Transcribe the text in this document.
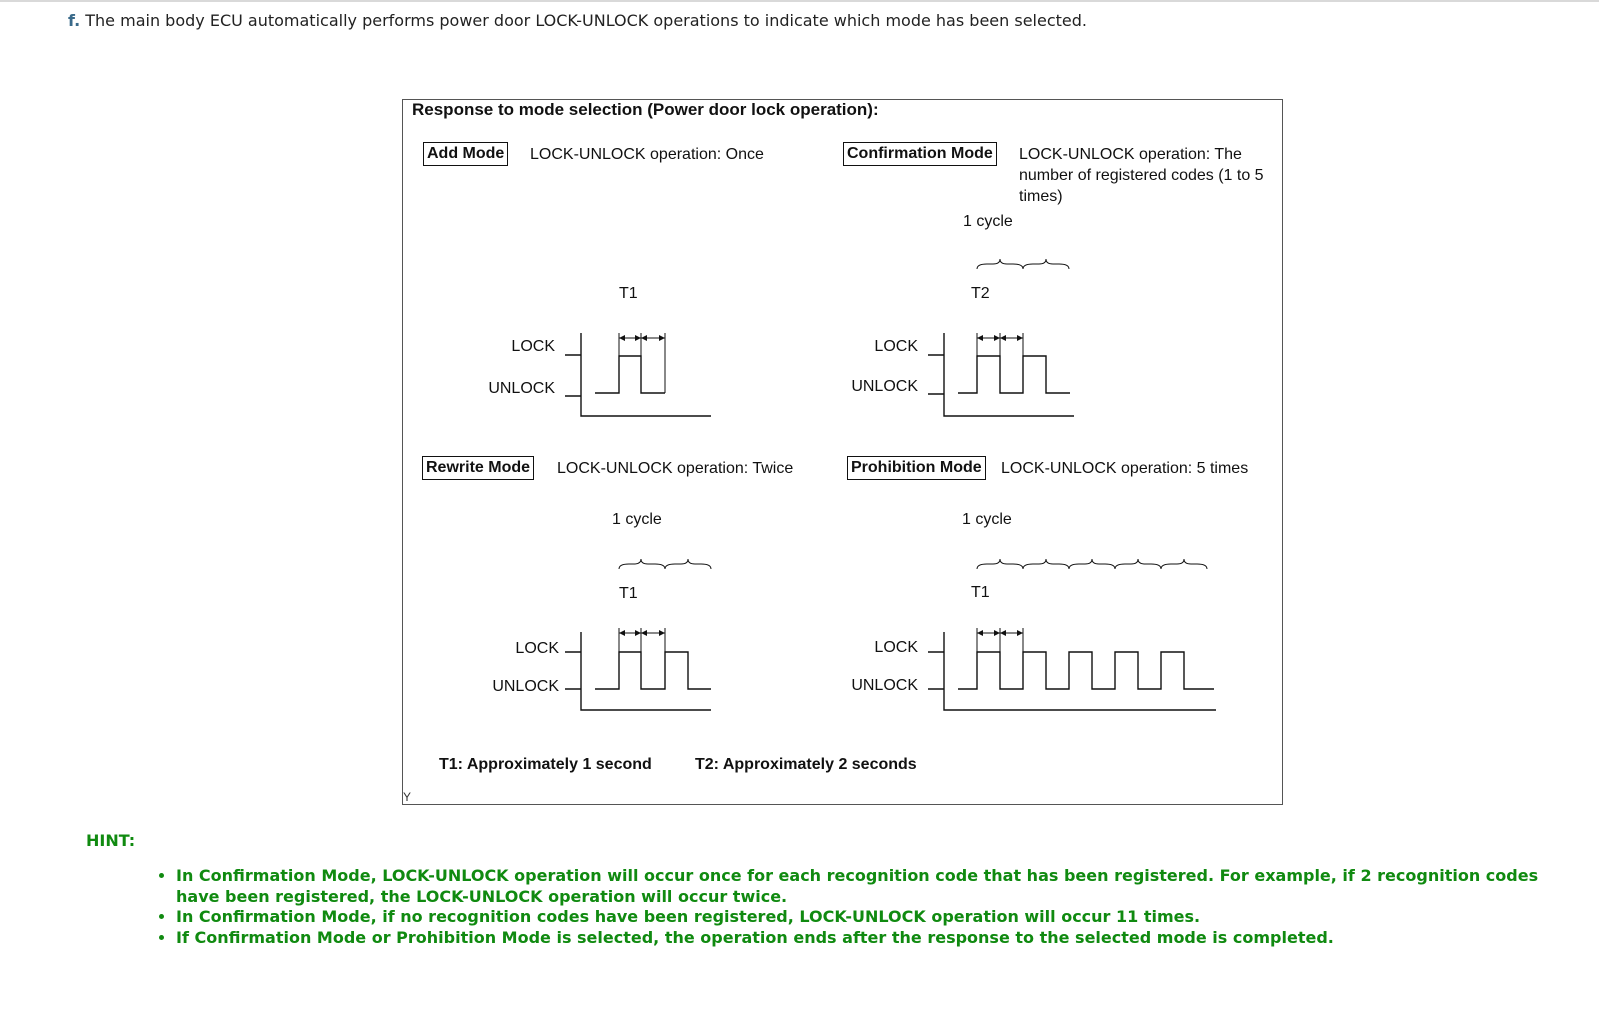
f. The main body ECU automatically performs power door LOCK-UNLOCK operations to indicate which mode has been selected.
Response to mode selection (Power door lock operation):
Add Mode LOCK-UNLOCK operation: Once
T1
LOCK
UNLOCK
Confirmation Mode LOCK-UNLOCK operation: The number of registered codes (1 to 5 times)
1 cycle
T2
LOCK
UNLOCK
Rewrite Mode LOCK-UNLOCK operation: Twice
1 cycle
T1
LOCK
UNLOCK
Prohibition Mode LOCK-UNLOCK operation: 5 times
1 cycle
T1
LOCK
UNLOCK
T1: Approximately 1 second	T2: Approximately 2 seconds
Y
HINT:
• In Confirmation Mode, LOCK-UNLOCK operation will occur once for each recognition code that has been registered. For example, if 2 recognition codes have been registered, the LOCK-UNLOCK operation will occur twice.
• In Confirmation Mode, if no recognition codes have been registered, LOCK-UNLOCK operation will occur 11 times.
• If Confirmation Mode or Prohibition Mode is selected, the operation ends after the response to the selected mode is completed.
